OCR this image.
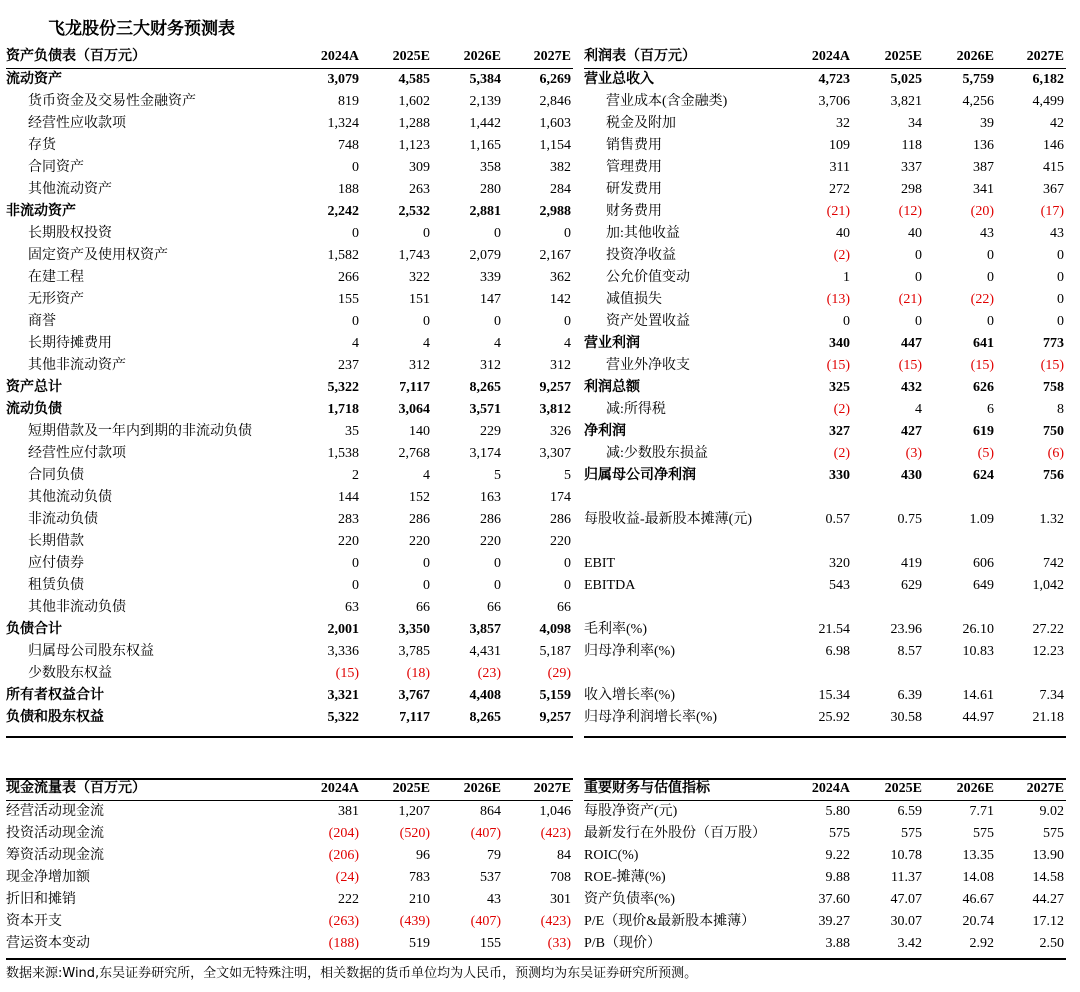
飞龙股份三大财务预测表
资产负债表（百万元）	2024A	2025E	2026E	2027E
流动资产	3,079	4,585	5,384	6,269
货币资金及交易性金融资产	819	1,602	2,139	2,846
经营性应收款项	1,324	1,288	1,442	1,603
存货	748	1,123	1,165	1,154
合同资产	0	309	358	382
其他流动资产	188	263	280	284
非流动资产	2,242	2,532	2,881	2,988
长期股权投资	0	0	0	0
固定资产及使用权资产	1,582	1,743	2,079	2,167
在建工程	266	322	339	362
无形资产	155	151	147	142
商誉	0	0	0	0
长期待摊费用	4	4	4	4
其他非流动资产	237	312	312	312
资产总计	5,322	7,117	8,265	9,257
流动负债	1,718	3,064	3,571	3,812
短期借款及一年内到期的非流动负债	35	140	229	326
经营性应付款项	1,538	2,768	3,174	3,307
合同负债	2	4	5	5
其他流动负债	144	152	163	174
非流动负债	283	286	286	286
长期借款	220	220	220	220
应付债券	0	0	0	0
租赁负债	0	0	0	0
其他非流动负债	63	66	66	66
负债合计	2,001	3,350	3,857	4,098
归属母公司股东权益	3,336	3,785	4,431	5,187
少数股东权益	(15)	(18)	(23)	(29)
所有者权益合计	3,321	3,767	4,408	5,159
负债和股东权益	5,322	7,117	8,265	9,257
利润表（百万元）	2024A	2025E	2026E	2027E
营业总收入	4,723	5,025	5,759	6,182
营业成本(含金融类)	3,706	3,821	4,256	4,499
税金及附加	32	34	39	42
销售费用	109	118	136	146
管理费用	311	337	387	415
研发费用	272	298	341	367
财务费用	(21)	(12)	(20)	(17)
加:其他收益	40	40	43	43
投资净收益	(2)	0	0	0
公允价值变动	1	0	0	0
减值损失	(13)	(21)	(22)	0
资产处置收益	0	0	0	0
营业利润	340	447	641	773
营业外净收支	(15)	(15)	(15)	(15)
利润总额	325	432	626	758
减:所得税	(2)	4	6	8
净利润	327	427	619	750
减:少数股东损益	(2)	(3)	(5)	(6)
归属母公司净利润	330	430	624	756

每股收益-最新股本摊薄(元)	0.57	0.75	1.09	1.32

EBIT	320	419	606	742
EBITDA	543	629	649	1,042

毛利率(%)	21.54	23.96	26.10	27.22
归母净利率(%)	6.98	8.57	10.83	12.23

收入增长率(%)	15.34	6.39	14.61	7.34
归母净利润增长率(%)	25.92	30.58	44.97	21.18
现金流量表（百万元）	2024A	2025E	2026E	2027E
经营活动现金流	381	1,207	864	1,046
投资活动现金流	(204)	(520)	(407)	(423)
筹资活动现金流	(206)	96	79	84
现金净增加额	(24)	783	537	708
折旧和摊销	222	210	43	301
资本开支	(263)	(439)	(407)	(423)
营运资本变动	(188)	519	155	(33)
重要财务与估值指标	2024A	2025E	2026E	2027E
每股净资产(元)	5.80	6.59	7.71	9.02
最新发行在外股份（百万股）	575	575	575	575
ROIC(%)	9.22	10.78	13.35	13.90
ROE-摊薄(%)	9.88	11.37	14.08	14.58
资产负债率(%)	37.60	47.07	46.67	44.27
P/E（现价&最新股本摊薄）	39.27	30.07	20.74	17.12
P/B（现价）	3.88	3.42	2.92	2.50
数据来源:Wind,东吴证券研究所，全文如无特殊注明，相关数据的货币单位均为人民币，预测均为东吴证券研究所预测。
